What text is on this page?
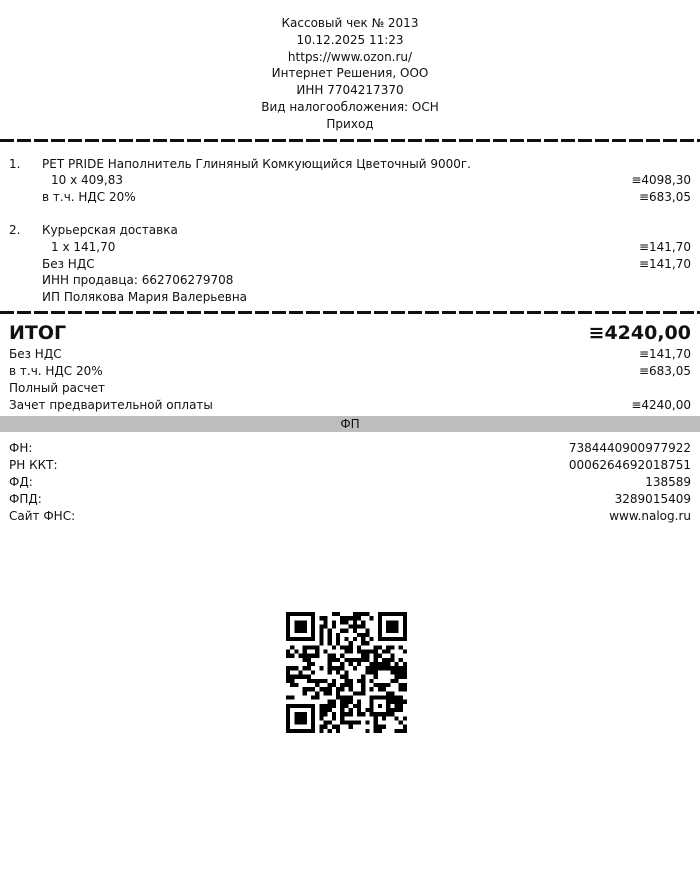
Кассовый чек № 2013
10.12.2025 11:23
https://www.ozon.ru/
Интернет Решения, ООО
ИНН 7704217370
Вид налогообложения: ОСН
Приход
1.	PET PRIDE Наполнитель Глиняный Комкующийся Цветочный 9000г.
10 x 409,83	≡4098,30
в т.ч. НДС 20%	≡683,05
2.	Курьерская доставка
1 x 141,70	≡141,70
Без НДС	≡141,70
ИНН продавца: 662706279708
ИП Полякова Мария Валерьевна
ИТОГ	≡4240,00
Без НДС	≡141,70
в т.ч. НДС 20%	≡683,05
Полный расчет
Зачет предварительной оплаты	≡4240,00
ФП
ФН:	7384440900977922
РН ККТ:	0006264692018751
ФД:	138589
ФПД:	3289015409
Сайт ФНС:	www.nalog.ru
